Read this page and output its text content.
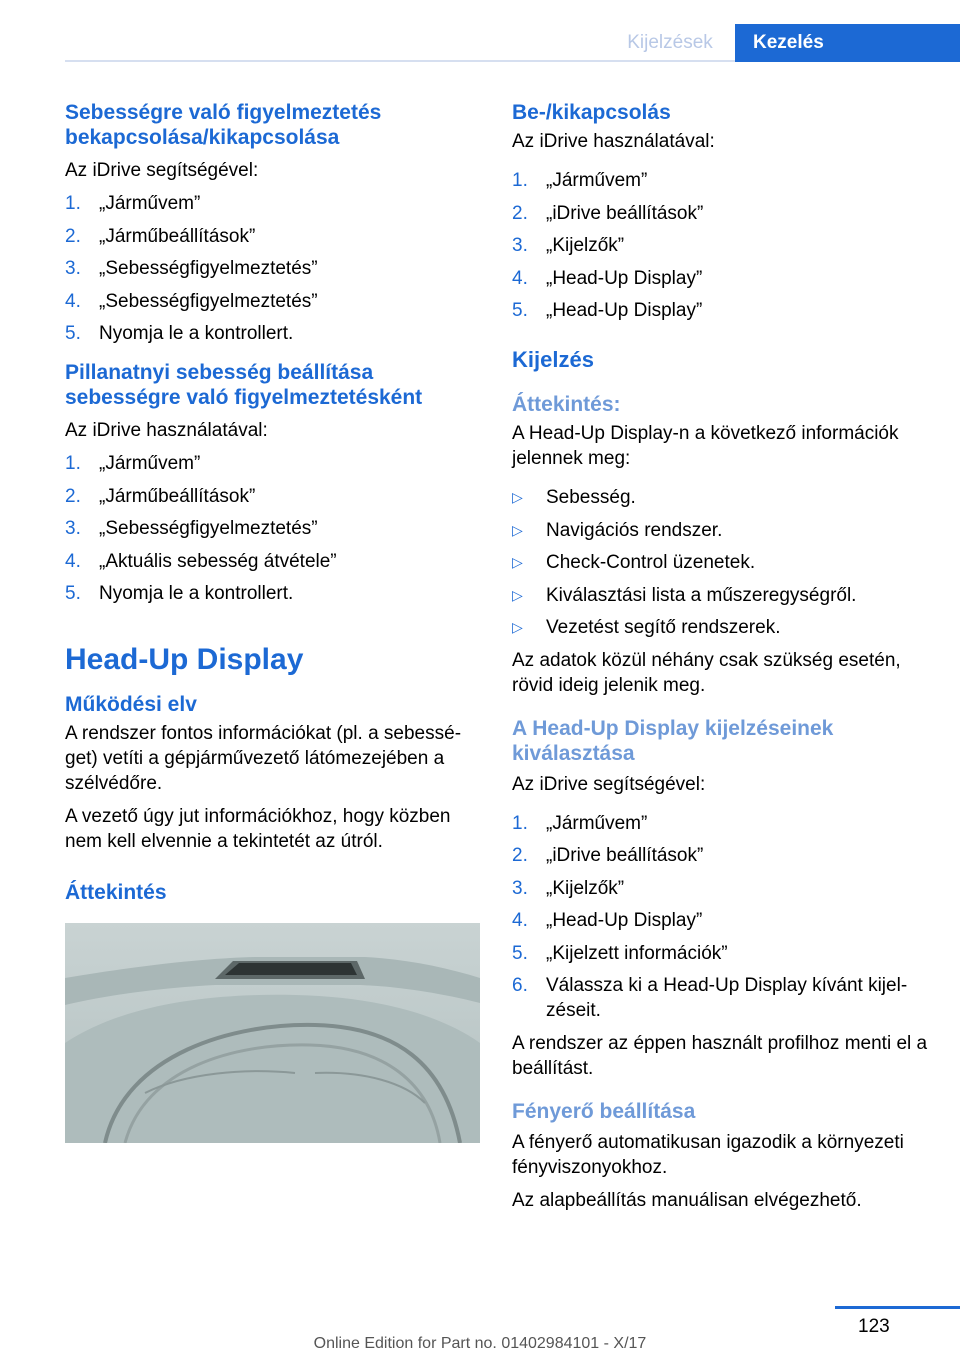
Kijelzések	Kezelés
Sebességre való figyelmeztetés bekapcsolása/kikapcsolása

Az iDrive segítségével:

1. „Járművem”
2. „Járműbeállítások”
3. „Sebességfigyelmeztetés”
4. „Sebességfigyelmeztetés”
5. Nyomja le a kontrollert.
Pillanatnyi sebesség beállítása sebességre való figyelmeztetésként

Az iDrive használatával:

1. „Járművem”
2. „Járműbeállítások”
3. „Sebességfigyelmeztetés”
4. „Aktuális sebesség átvétele”
5. Nyomja le a kontrollert.
Head-Up Display
Működési elv

A rendszer fontos információkat (pl. a sebességet) vetíti a gépjárművezető látómezejében a szélvédőre.

A vezető úgy jut információkhoz, hogy közben nem kell elvennie a tekintetét az útról.

Áttekintés
Be-/kikapcsolás

Az iDrive használatával:

1. „Járművem”
2. „iDrive beállítások”
3. „Kijelzők”
4. „Head-Up Display”
5. „Head-Up Display”
Kijelzés
Áttekintés:

A Head-Up Display-n a következő információk jelennek meg:

▷	Sebesség.
▷	Navigációs rendszer.
▷	Check-Control üzenetek.
▷	Kiválasztási lista a műszeregységről.
▷	Vezetést segítő rendszerek.

Az adatok közül néhány csak szükség esetén, rövid ideig jelenik meg.

A Head-Up Display kijelzéseinek kiválasztása

Az iDrive segítségével:

1. „Járművem”
2. „iDrive beállítások”
3. „Kijelzők”
4. „Head-Up Display”
5. „Kijelzett információk”
6. Válassza ki a Head-Up Display kívánt kijelzéseit.

A rendszer az éppen használt profilhoz menti el a beállítást.

Fényerő beállítása

A fényerő automatikusan igazodik a környezeti fényviszonyokhoz.

Az alapbeállítás manuálisan elvégezhető.

123
Online Edition for Part no. 01402984101 - X/17
